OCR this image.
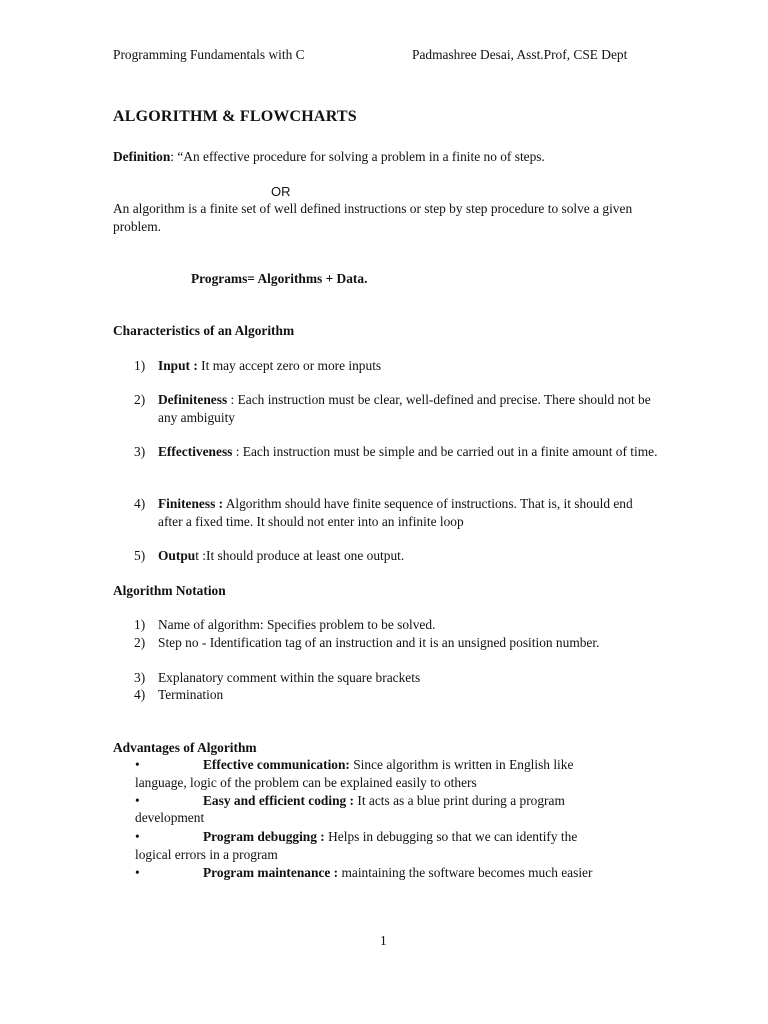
Programming Fundamentals with C	Padmashree Desai, Asst.Prof, CSE Dept
ALGORITHM & FLOWCHARTS
Definition: “An effective procedure for solving a problem in a finite no of steps.
OR
An algorithm is a finite set of well defined instructions or step by step procedure to solve a given problem.
Programs= Algorithms + Data.
Characteristics of an Algorithm
1) Input : It may accept zero or more inputs
2) Definiteness : Each instruction must be clear, well-defined and precise. There should not be any ambiguity
3) Effectiveness : Each instruction must be simple and be carried out in a finite amount of time.
4) Finiteness : Algorithm should have finite sequence of instructions. That is, it should end after a fixed time. It should not enter into an infinite loop
5) Output :It should produce at least one output.
Algorithm Notation
1) Name of algorithm: Specifies problem to be solved.
2) Step no - Identification tag of an instruction and it is an unsigned position number.
3) Explanatory comment within the square brackets
4) Termination
Advantages of Algorithm
•	Effective communication: Since algorithm is written in English like
language, logic of the problem can be explained easily to others
•	Easy and efficient coding : It acts as a blue print during a program
development
•	Program debugging : Helps in debugging so that we can identify the
logical errors in a program
•	Program maintenance : maintaining the software becomes much easier
1
